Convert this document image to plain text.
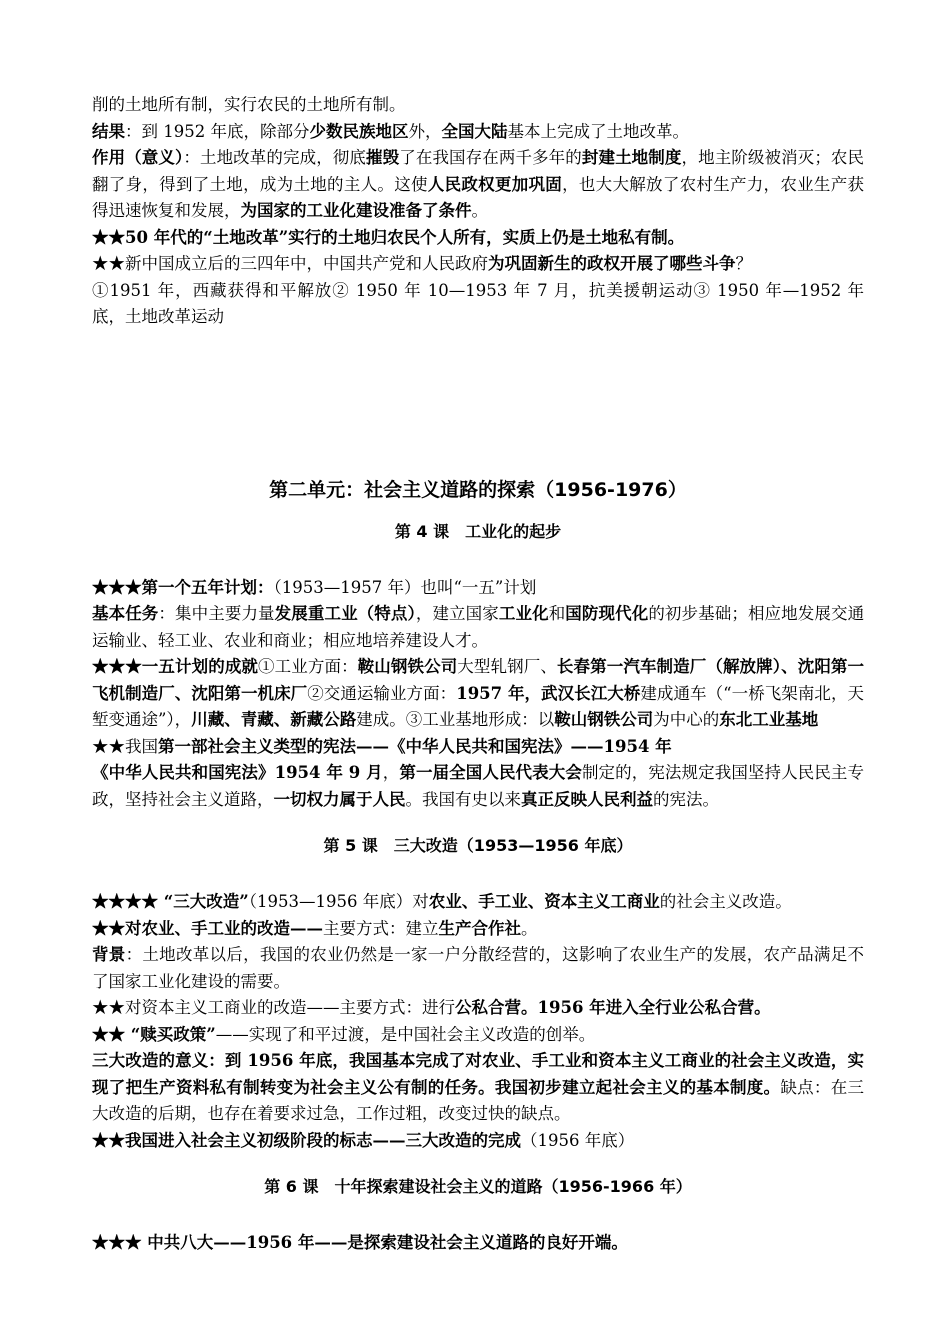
削的土地所有制，实行农民的土地所有制。

结果：到 1952 年底，除部分少数民族地区外，全国大陆基本上完成了土地改革。

作用（意义）：土地改革的完成，彻底摧毁了在我国存在两千多年的封建土地制度，地主阶级被消灭；农民翻了身，得到了土地，成为土地的主人。这使人民政权更加巩固，也大大解放了农村生产力，农业生产获得迅速恢复和发展，为国家的工业化建设准备了条件。

★★50 年代的“土地改革”实行的土地归农民个人所有，实质上仍是土地私有制。

★★新中国成立后的三四年中，中国共产党和人民政府为巩固新生的政权开展了哪些斗争？

①1951 年，西藏获得和平解放② 1950 年 10—1953 年 7 月，抗美援朝运动③ 1950 年—1952 年底，土地改革运动

第二单元：社会主义道路的探索（1956-1976）
第 4 课　工业化的起步

★★★第一个五年计划：（1953—1957 年）也叫“一五”计划

基本任务：集中主要力量发展重工业（特点），建立国家工业化和国防现代化的初步基础；相应地发展交通运输业、轻工业、农业和商业；相应地培养建设人才。

★★★一五计划的成就①工业方面：鞍山钢铁公司大型轧钢厂、长春第一汽车制造厂（解放牌）、沈阳第一飞机制造厂、沈阳第一机床厂②交通运输业方面：1957 年，武汉长江大桥建成通车（“一桥飞架南北，天堑变通途”），川藏、青藏、新藏公路建成。③工业基地形成：以鞍山钢铁公司为中心的东北工业基地

★★我国第一部社会主义类型的宪法——《中华人民共和国宪法》——1954 年

《中华人民共和国宪法》1954 年 9 月，第一届全国人民代表大会制定的，宪法规定我国坚持人民民主专政，坚持社会主义道路，一切权力属于人民。我国有史以来真正反映人民利益的宪法。

第 5 课　三大改造（1953—1956 年底）

★★★★ “三大改造”（1953—1956 年底）对农业、手工业、资本主义工商业的社会主义改造。

★★对农业、手工业的改造——主要方式：建立生产合作社。

背景：土地改革以后，我国的农业仍然是一家一户分散经营的，这影响了农业生产的发展，农产品满足不了国家工业化建设的需要。

★★对资本主义工商业的改造——主要方式：进行公私合营。1956 年进入全行业公私合营。

★★ “赎买政策”——实现了和平过渡，是中国社会主义改造的创举。

三大改造的意义：到 1956 年底，我国基本完成了对农业、手工业和资本主义工商业的社会主义改造，实现了把生产资料私有制转变为社会主义公有制的任务。我国初步建立起社会主义的基本制度。缺点：在三大改造的后期，也存在着要求过急，工作过粗，改变过快的缺点。

★★我国进入社会主义初级阶段的标志——三大改造的完成（1956 年底）

第 6 课　十年探索建设社会主义的道路（1956-1966 年）

★★★ 中共八大——1956 年——是探索建设社会主义道路的良好开端。
